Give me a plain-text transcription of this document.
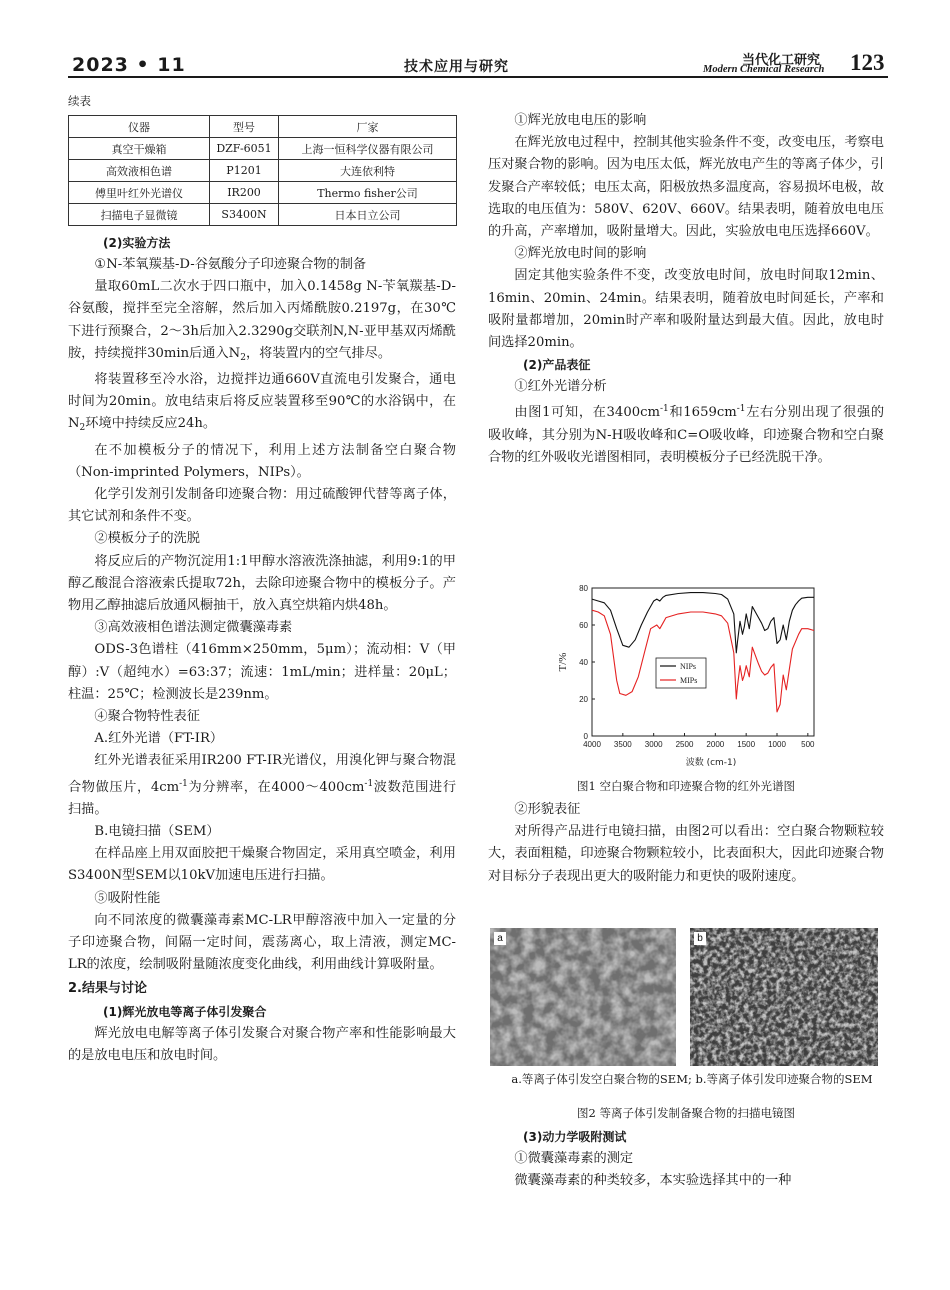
2023 • 11	技术应用与研究	当代化工研究
Modern Chemical Research 123
续表
仪器	型号	厂家
真空干燥箱	DZF-6051	上海一恒科学仪器有限公司
高效液相色谱	P1201	大连依利特
傅里叶红外光谱仪	IR200	Thermo fisher公司
扫描电子显微镜	S3400N	日本日立公司
(2)实验方法

①N-苯氧羰基-D-谷氨酸分子印迹聚合物的制备

量取60mL二次水于四口瓶中，加入0.1458g N-苄氧羰基-D-谷氨酸，搅拌至完全溶解，然后加入丙烯酰胺0.2197g，在30℃下进行预聚合，2～3h后加入2.3290g交联剂N,N-亚甲基双丙烯酰胺，持续搅拌30min后通入$N_2$，将装置内的空气排尽。

将装置移至冷水浴，边搅拌边通660V直流电引发聚合，通电时间为20min。放电结束后将反应装置移至90℃的水浴锅中，在$N_2$环境中持续反应24h。

在不加模板分子的情况下，利用上述方法制备空白聚合物（Non-imprinted Polymers，NIPs）。

化学引发剂引发制备印迹聚合物：用过硫酸钾代替等离子体，其它试剂和条件不变。

②模板分子的洗脱

将反应后的产物沉淀用1:1甲醇水溶液洗涤抽滤，利用9:1的甲醇乙酸混合溶液索氏提取72h，去除印迹聚合物中的模板分子。产物用乙醇抽滤后放通风橱抽干，放入真空烘箱内烘48h。

③高效液相色谱法测定微囊藻毒素

ODS-3色谱柱（416mm×250mm，5μm）；流动相：V（甲醇）:V（超纯水）=63:37；流速：1mL/min；进样量：20μL；柱温：25℃；检测波长是239nm。

④聚合物特性表征

A.红外光谱（FT-IR）

红外光谱表征采用IR200 FT-IR光谱仪，用溴化钾与聚合物混合物做压片，$4cm^{-1}$为分辨率，在$4000\sim 400cm^{-1}$波数范围进行扫描。

B.电镜扫描（SEM）

在样品座上用双面胶把干燥聚合物固定，采用真空喷金，利用S3400N型SEM以10kV加速电压进行扫描。

⑤吸附性能

向不同浓度的微囊藻毒素MC-LR甲醇溶液中加入一定量的分子印迹聚合物，间隔一定时间，震荡离心，取上清液，测定MC-LR的浓度，绘制吸附量随浓度变化曲线，利用曲线计算吸附量。

2.结果与讨论
(1)辉光放电等离子体引发聚合

辉光放电电解等离子体引发聚合对聚合物产率和性能影响最大的是放电电压和放电时间。

①辉光放电电压的影响

在辉光放电过程中，控制其他实验条件不变，改变电压，考察电压对聚合物的影响。因为电压太低，辉光放电产生的等离子体少，引发聚合产率较低；电压太高，阳极放热多温度高，容易损坏电极，故选取的电压值为：580V、620V、660V。结果表明，随着放电电压的升高，产率增加，吸附量增大。因此，实验放电电压选择660V。

②辉光放电时间的影响

固定其他实验条件不变，改变放电时间，放电时间取12min、16min、20min、24min。结果表明，随着放电时间延长，产率和吸附量都增加，20min时产率和吸附量达到最大值。因此，放电时间选择20min。

(2)产品表征

①红外光谱分析

由图1可知，在$3400cm^{-1}$和$1659cm^{-1}$左右分别出现了很强的吸收峰，其分别为N-H吸收峰和C=O吸收峰，印迹聚合物和空白聚合物的红外吸收光谱图相同，表明模板分子已经洗脱干净。

4000 3500 3000 2500 2000 1500 1000 500
0
20
40
60
80
T/%
波数 (cm-1)
NIPs
MIPs
图1 空白聚合物和印迹聚合物的红外光谱图

②形貌表征

对所得产品进行电镜扫描，由图2可以看出：空白聚合物颗粒较大，表面粗糙，印迹聚合物颗粒较小，比表面积大，因此印迹聚合物对目标分子表现出更大的吸附能力和更快的吸附速度。

a	b
a.等离子体引发空白聚合物的SEM; b.等离子体引发印迹聚合物的SEM
图2 等离子体引发制备聚合物的扫描电镜图
(3)动力学吸附测试

①微囊藻毒素的测定

微囊藻毒素的种类较多，本实验选择其中的一种
